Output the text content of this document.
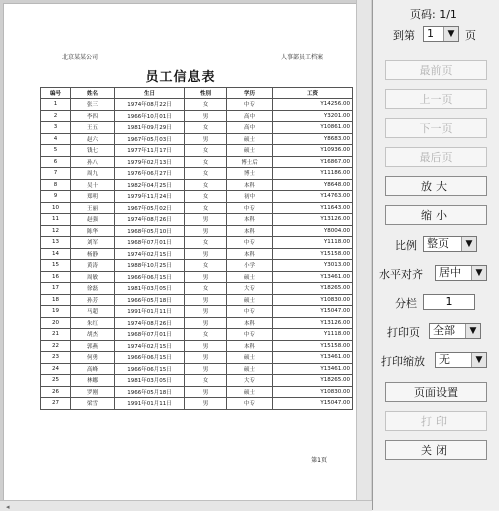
北京某某公司	人事部员工档案
员工信息表
编号	姓名	生日	性别	学历	工资
1	张三	1974年08月22日	女	中专	Y14256.00
2	李四	1966年10月01日	男	高中	Y3201.00
3	王五	1981年09月29日	女	高中	Y10861.00
4	赵六	1967年05月03日	男	硕士	Y8683.00
5	钱七	1977年11月17日	女	硕士	Y10936.00
6	孙八	1979年02月13日	女	博士后	Y16867.00
7	周九	1976年06月27日	女	博士	Y11186.00
8	吴十	1982年04月25日	女	本科	Y8648.00
9	郑明	1979年11月24日	女	初中	Y14763.00
10	王丽	1967年05月02日	女	中专	Y11643.00
11	赵强	1974年08月26日	男	本科	Y13126.00
12	陈华	1968年05月10日	男	本科	Y8004.00
13	刘军	1968年07月01日	女	中专	Y1118.00
14	杨静	1974年02月15日	男	本科	Y15158.00
15	黄涛	1988年10月25日	女	小学	Y3013.00
16	周敏	1966年06月15日	男	硕士	Y13461.00
17	徐磊	1981年03月05日	女	大专	Y18265.00
18	孙芳	1966年05月18日	男	硕士	Y10830.00
19	马超	1991年01月11日	男	中专	Y15047.00
20	朱红	1974年08月26日	男	本科	Y13126.00
21	胡杰	1968年07月01日	女	中专	Y1118.00
22	郭燕	1974年02月15日	男	本科	Y15158.00
23	何勇	1966年06月15日	男	硕士	Y13461.00
24	高峰	1966年06月15日	男	硕士	Y13461.00
25	林娜	1981年03月05日	女	大专	Y18265.00
26	罗刚	1966年05月18日	男	硕士	Y10830.00
27	梁雪	1991年01月11日	男	中专	Y15047.00
第1页
◂
页码: 1/1
到第	1	▼ 页
最前页
上一页
下一页
最后页
放大
缩小
比例 整页	▼
水平对齐	居中	▼
分栏	1
打印页	全部	▼
打印缩放	无	▼
页面设置
打印
关闭
